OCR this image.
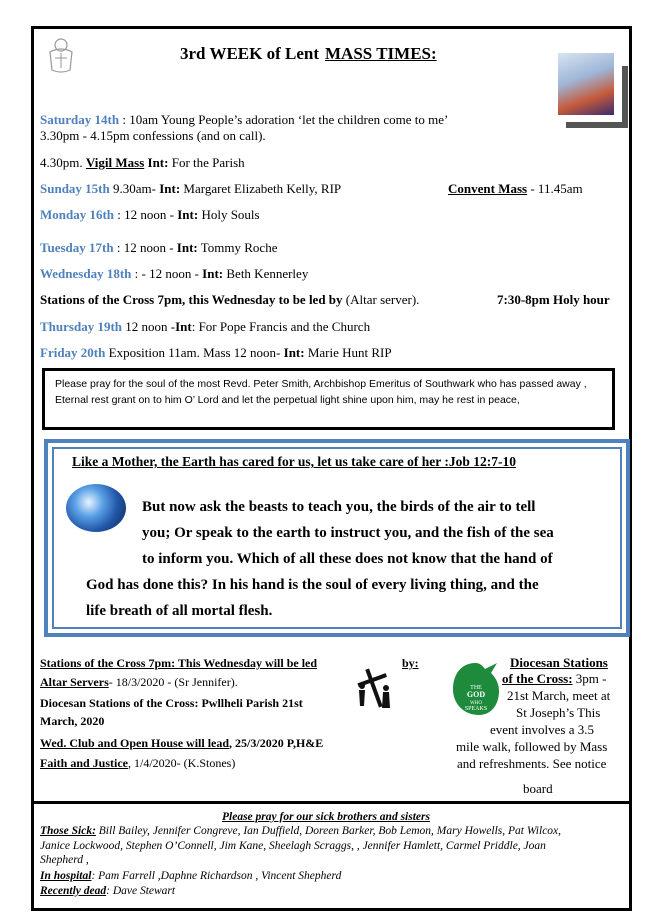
3rd WEEK of Lent MASS TIMES:
Saturday 14th : 10am Young People’s adoration ‘let the children come to me’
3.30pm - 4.15pm confessions (and on call).
4.30pm. Vigil Mass Int: For the Parish
Sunday 15th 9.30am- Int: Margaret Elizabeth Kelly, RIP	Convent Mass - 11.45am
Monday 16th : 12 noon - Int: Holy Souls
Tuesday 17th : 12 noon - Int: Tommy Roche
Wednesday 18th : - 12 noon - Int: Beth Kennerley
Stations of the Cross 7pm, this Wednesday to be led by (Altar server).	7:30-8pm Holy hour
Thursday 19th 12 noon -Int: For Pope Francis and the Church
Friday 20th Exposition 11am. Mass 12 noon- Int: Marie Hunt RIP

Please pray for the soul of the most Revd. Peter Smith, Archbishop Emeritus of Southwark who has passed away , Eternal rest grant on to him O’ Lord and let the perpetual light shine upon him, may he rest in peace,

Like a Mother, the Earth has cared for us, let us take care of her :Job 12:7-10
But now ask the beasts to teach you, the birds of the air to tell
you; Or speak to the earth to instruct you, and the fish of the sea
to inform you. Which of all these does not know that the hand of
God has done this? In his hand is the soul of every living thing, and the
life breath of all mortal flesh.
Stations of the Cross 7pm: This Wednesday will be led	by:
Altar Servers- 18/3/2020 - (Sr Jennifer).
Diocesan Stations of the Cross: Pwllheli Parish 21st
March, 2020
Wed. Club and Open House will lead, 25/3/2020 P,H&E
Faith and Justice, 1/4/2020- (K.Stones)
THE
GOD
WHO
SPEAKS
Diocesan Stations
of the Cross: 3pm -
21st March, meet at
St Joseph’s This
event involves a 3.5
mile walk, followed by Mass
and refreshments. See notice
board
Please pray for our sick brothers and sisters
Those Sick: Bill Bailey, Jennifer Congreve, Ian Duffield, Doreen Barker, Bob Lemon, Mary Howells, Pat Wilcox,
Janice Lockwood, Stephen O’Connell, Jim Kane, Sheelagh Scraggs, , Jennifer Hamlett, Carmel Priddle, Joan
Shepherd ,
In hospital: Pam Farrell ,Daphne Richardson , Vincent Shepherd
Recently dead: Dave Stewart
